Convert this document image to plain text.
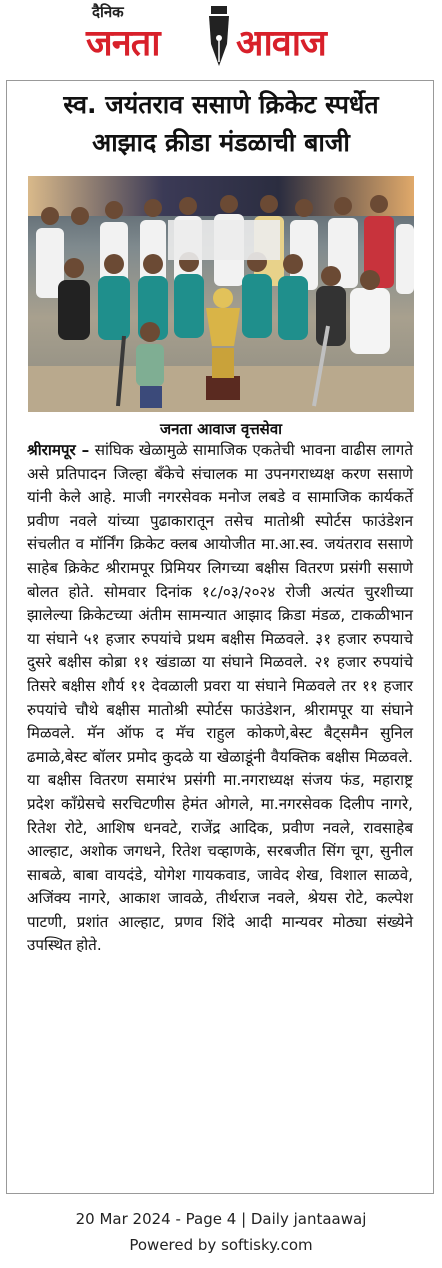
दैनिक
जनता आवाज
स्व. जयंतराव ससाणे क्रिकेट स्पर्धेत
आझाद क्रीडा मंडळाची बाजी
जनता आवाज वृत्तसेवा
श्रीरामपूर – सांघिक खेळामुळे सामाजिक एकतेची भावना वाढीस लागते असे प्रतिपादन जिल्हा बँकेचे संचालक मा उपनगराध्यक्ष करण ससाणे यांनी केले आहे. माजी नगरसेवक मनोज लबडे व सामाजिक कार्यकर्ते प्रवीण नवले यांच्या पुढाकारातून तसेच मातोश्री स्पोर्टस फाउंडेशन संचलीत व मॉर्निंग क्रिकेट क्लब आयोजीत मा.आ.स्व. जयंतराव ससाणे साहेब क्रिकेट श्रीरामपूर प्रिमियर लिगच्या बक्षीस वितरण प्रसंगी ससाणे बोलत होते. सोमवार दिनांक १८/०३/२०२४ रोजी अत्यंत चुरशीच्या झालेल्या क्रिकेटच्या अंतीम सामन्यात आझाद क्रिडा मंडळ, टाकळीभान या संघाने ५१ हजार रुपयांचे प्रथम बक्षीस मिळवले. ३१ हजार रुपयाचे दुसरे बक्षीस कोब्रा ११ खंडाळा या संघाने मिळवले. २१ हजार रुपयांचे तिसरे बक्षीस शौर्य ११ देवळाली प्रवरा या संघाने मिळवले तर ११ हजार रुपयांचे चौथे बक्षीस मातोश्री स्पोर्टस फाउंडेशन, श्रीरामपूर या संघाने मिळवले. मॅन ऑफ द मॅच राहुल कोकणे,बेस्ट बैट्समैन सुनिल ढमाळे,बेस्ट बॉलर प्रमोद कुदळे या खेळाडूंनी वैयक्तिक बक्षीस मिळवले. या बक्षीस वितरण समारंभ प्रसंगी मा.नगराध्यक्ष संजय फंड, महाराष्ट्र प्रदेश काँग्रेसचे सरचिटणीस हेमंत ओगले, मा.नगरसेवक दिलीप नागरे, रितेश रोटे, आशिष धनवटे, राजेंद्र आदिक, प्रवीण नवले, रावसाहेब आल्हाट, अशोक जगधने, रितेश चव्हाणके, सरबजीत सिंग चूग, सुनील साबळे, बाबा वायदंडे, योगेश गायकवाड, जावेद शेख, विशाल साळवे, अजिंक्य नागरे, आकाश जावळे, तीर्थराज नवले, श्रेयस रोटे, कल्पेश पाटणी, प्रशांत आल्हाट, प्रणव शिंदे आदी मान्यवर मोठ्या संख्येने उपस्थित होते.
20 Mar 2024 - Page 4 | Daily jantaawaj
Powered by softisky.com
